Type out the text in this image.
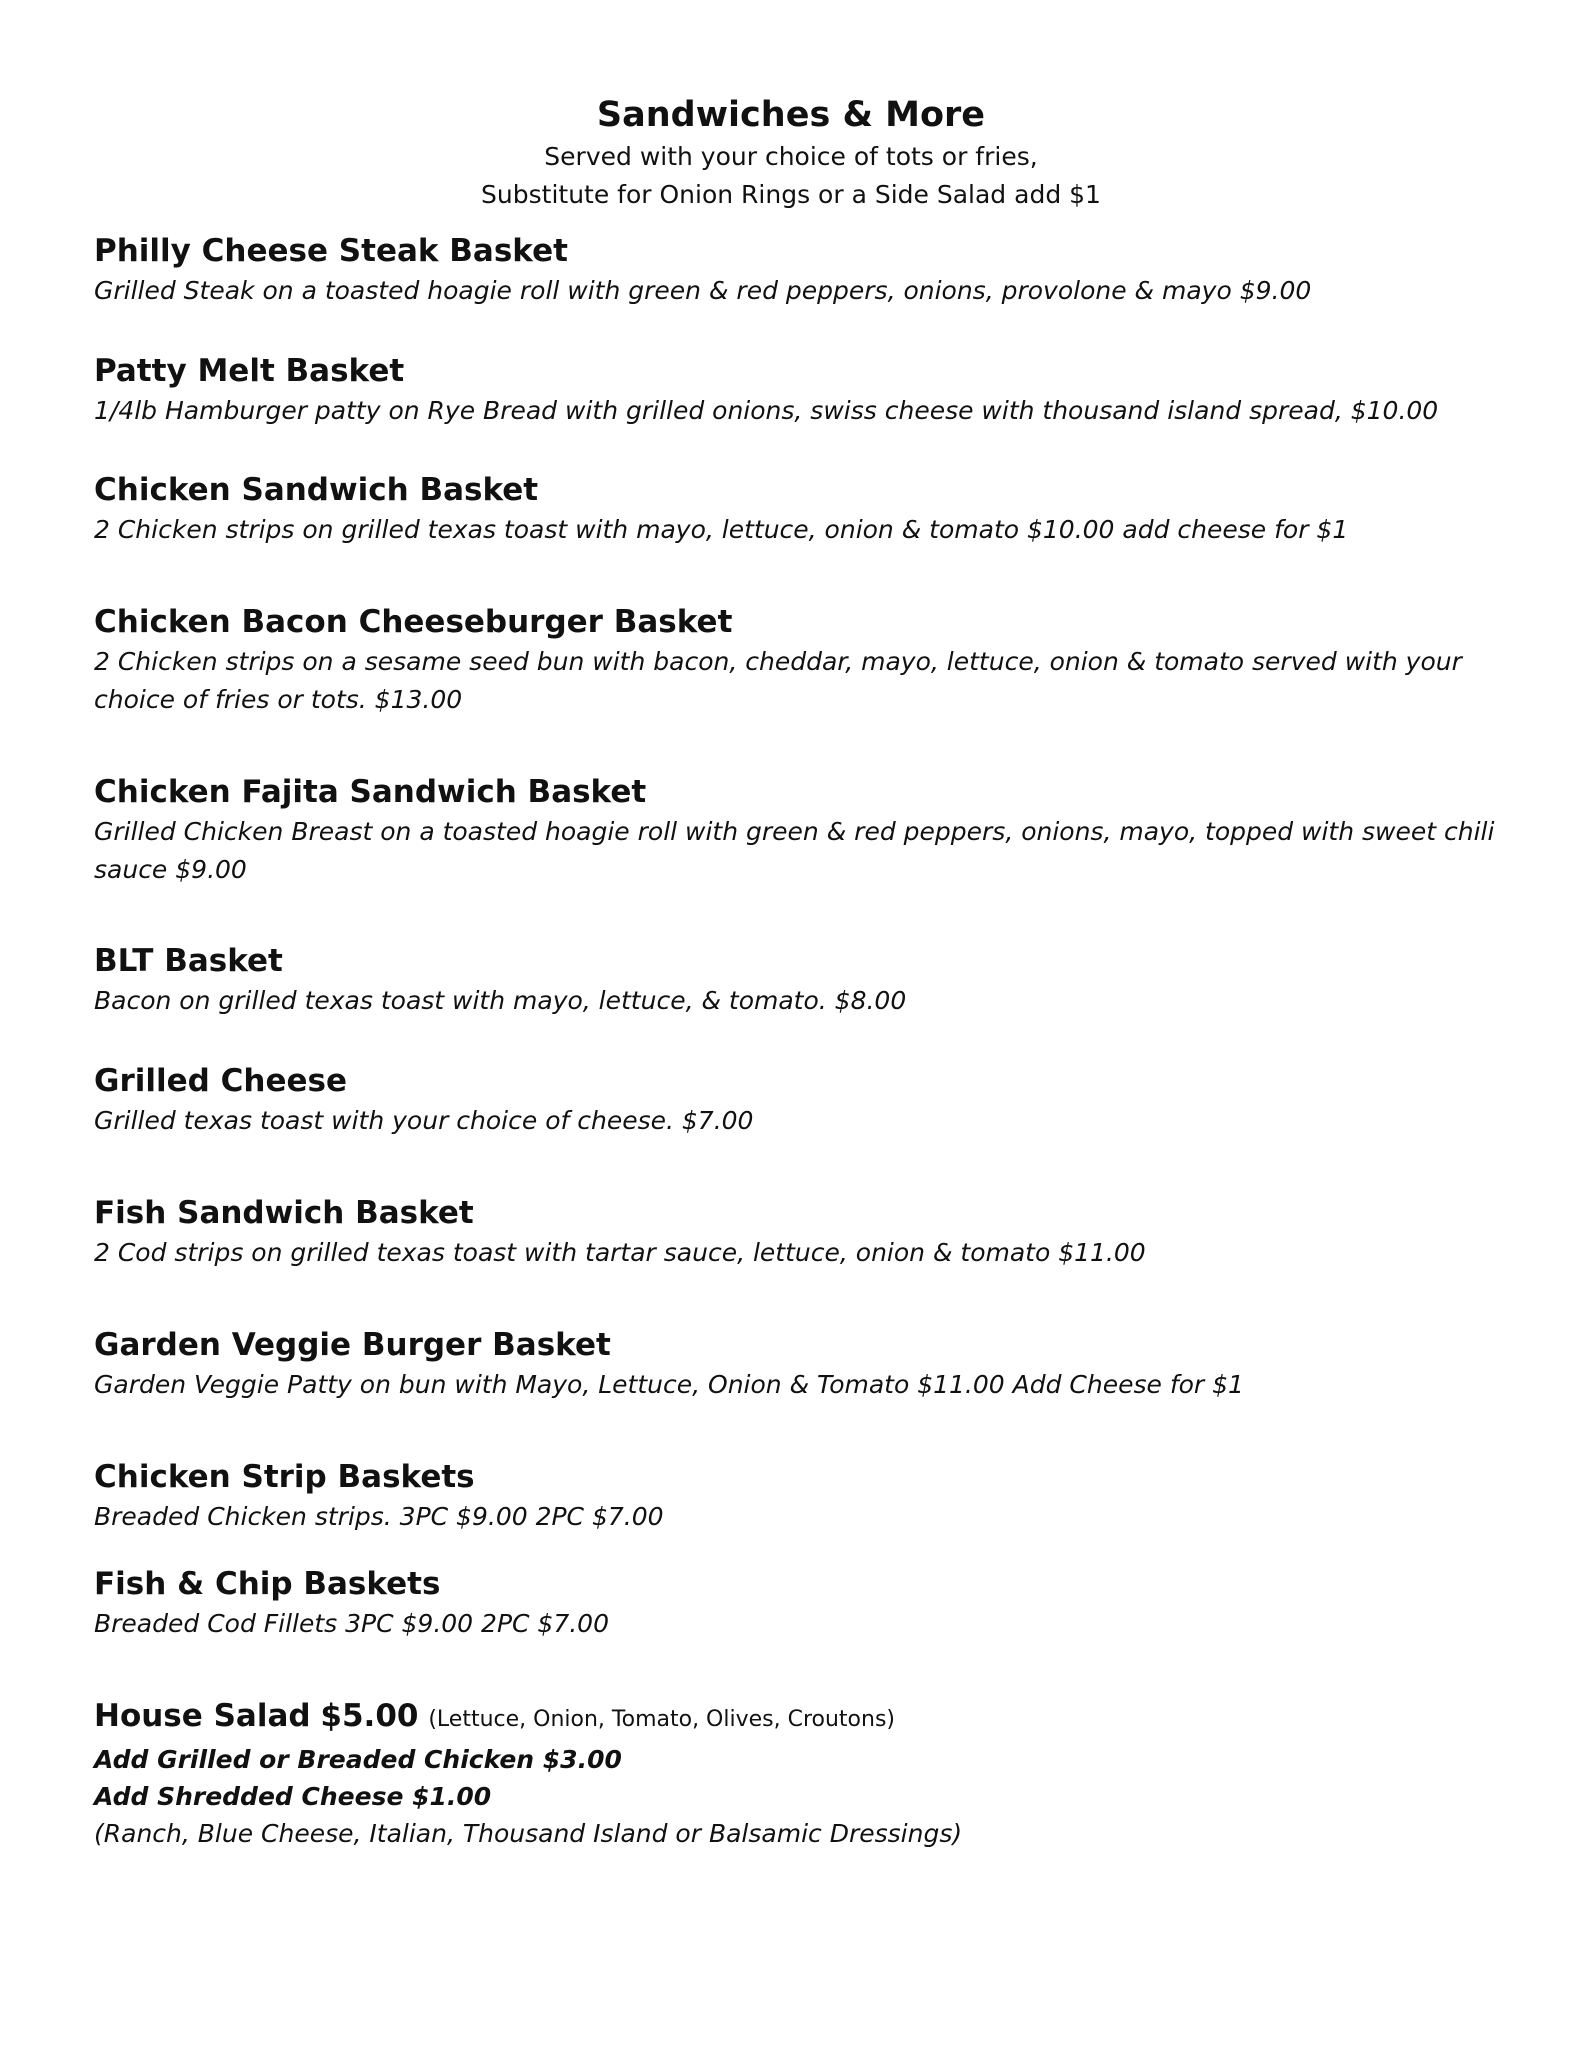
Sandwiches & More
Served with your choice of tots or fries,
Substitute for Onion Rings or a Side Salad add $1
Philly Cheese Steak Basket
Grilled Steak on a toasted hoagie roll with green & red peppers, onions, provolone & mayo $9.00
Patty Melt Basket
1/4lb Hamburger patty on Rye Bread with grilled onions, swiss cheese with thousand island spread, $10.00
Chicken Sandwich Basket
2 Chicken strips on grilled texas toast with mayo, lettuce, onion & tomato $10.00 add cheese for $1
Chicken Bacon Cheeseburger Basket
2 Chicken strips on a sesame seed bun with bacon, cheddar, mayo, lettuce, onion & tomato served with your choice of fries or tots. $13.00
Chicken Fajita Sandwich Basket
Grilled Chicken Breast on a toasted hoagie roll with green & red peppers, onions, mayo, topped with sweet chili sauce $9.00
BLT Basket
Bacon on grilled texas toast with mayo, lettuce, & tomato. $8.00
Grilled Cheese
Grilled texas toast with your choice of cheese. $7.00
Fish Sandwich Basket
2 Cod strips on grilled texas toast with tartar sauce, lettuce, onion & tomato $11.00
Garden Veggie Burger Basket
Garden Veggie Patty on bun with Mayo, Lettuce, Onion & Tomato $11.00 Add Cheese for $1
Chicken Strip Baskets
Breaded Chicken strips. 3PC $9.00 2PC $7.00
Fish & Chip Baskets
Breaded Cod Fillets 3PC $9.00 2PC $7.00
House Salad $5.00 (Lettuce, Onion, Tomato, Olives, Croutons)
Add Grilled or Breaded Chicken $3.00
Add Shredded Cheese $1.00
(Ranch, Blue Cheese, Italian, Thousand Island or Balsamic Dressings)
